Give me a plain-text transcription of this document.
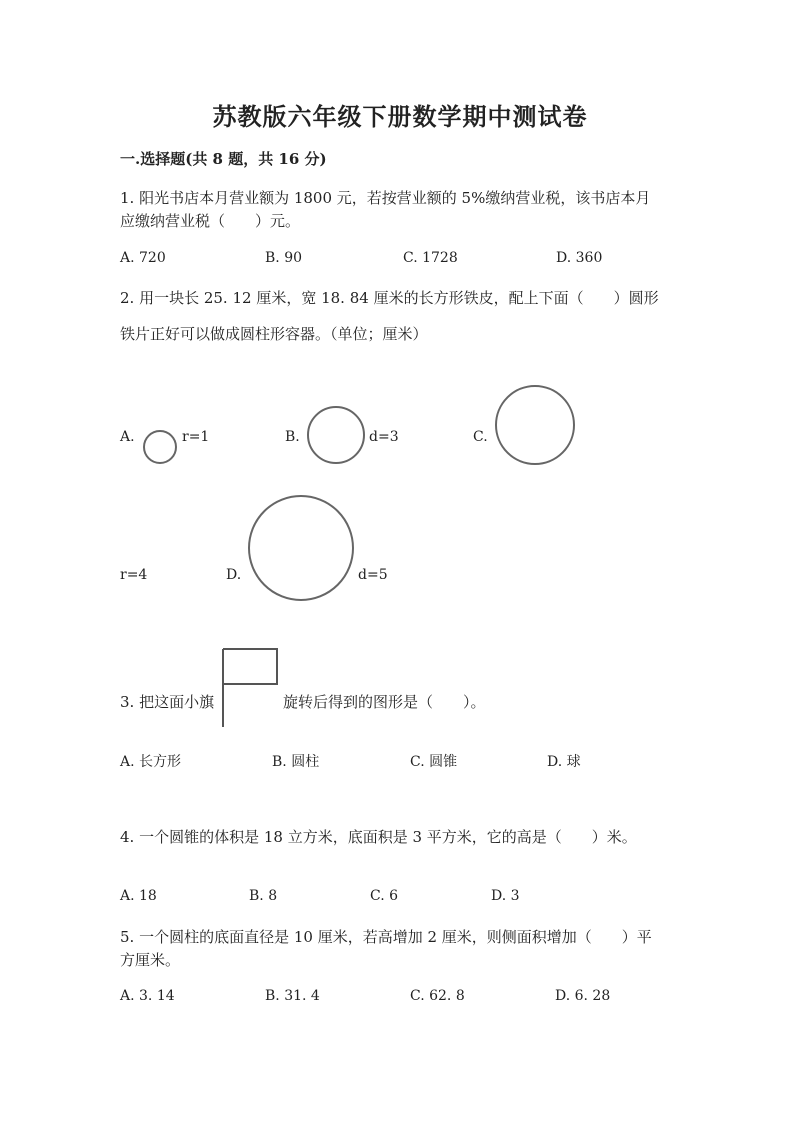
苏教版六年级下册数学期中测试卷
一.选择题(共 8 题，共 16 分)
1. 阳光书店本月营业额为 1800 元，若按营业额的 5%缴纳营业税，该书店本月
应缴纳营业税（　　）元。
A. 720	B. 90	C. 1728	D. 360
2. 用一块长 25. 12 厘米，宽 18. 84 厘米的长方形铁皮，配上下面（　　）圆形
铁片正好可以做成圆柱形容器。（单位；厘米）
A.	r=1	B.	d=3	C.
r=4	D.	d=5
3. 把这面小旗	旋转后得到的图形是（　　）。
A. 长方形	B. 圆柱	C. 圆锥	D. 球
4. 一个圆锥的体积是 18 立方米，底面积是 3 平方米，它的高是（　　）米。
A. 18	B. 8	C. 6	D. 3
5. 一个圆柱的底面直径是 10 厘米，若高增加 2 厘米，则侧面积增加（　　）平
方厘米。
A. 3. 14	B. 31. 4	C. 62. 8	D. 6. 28
